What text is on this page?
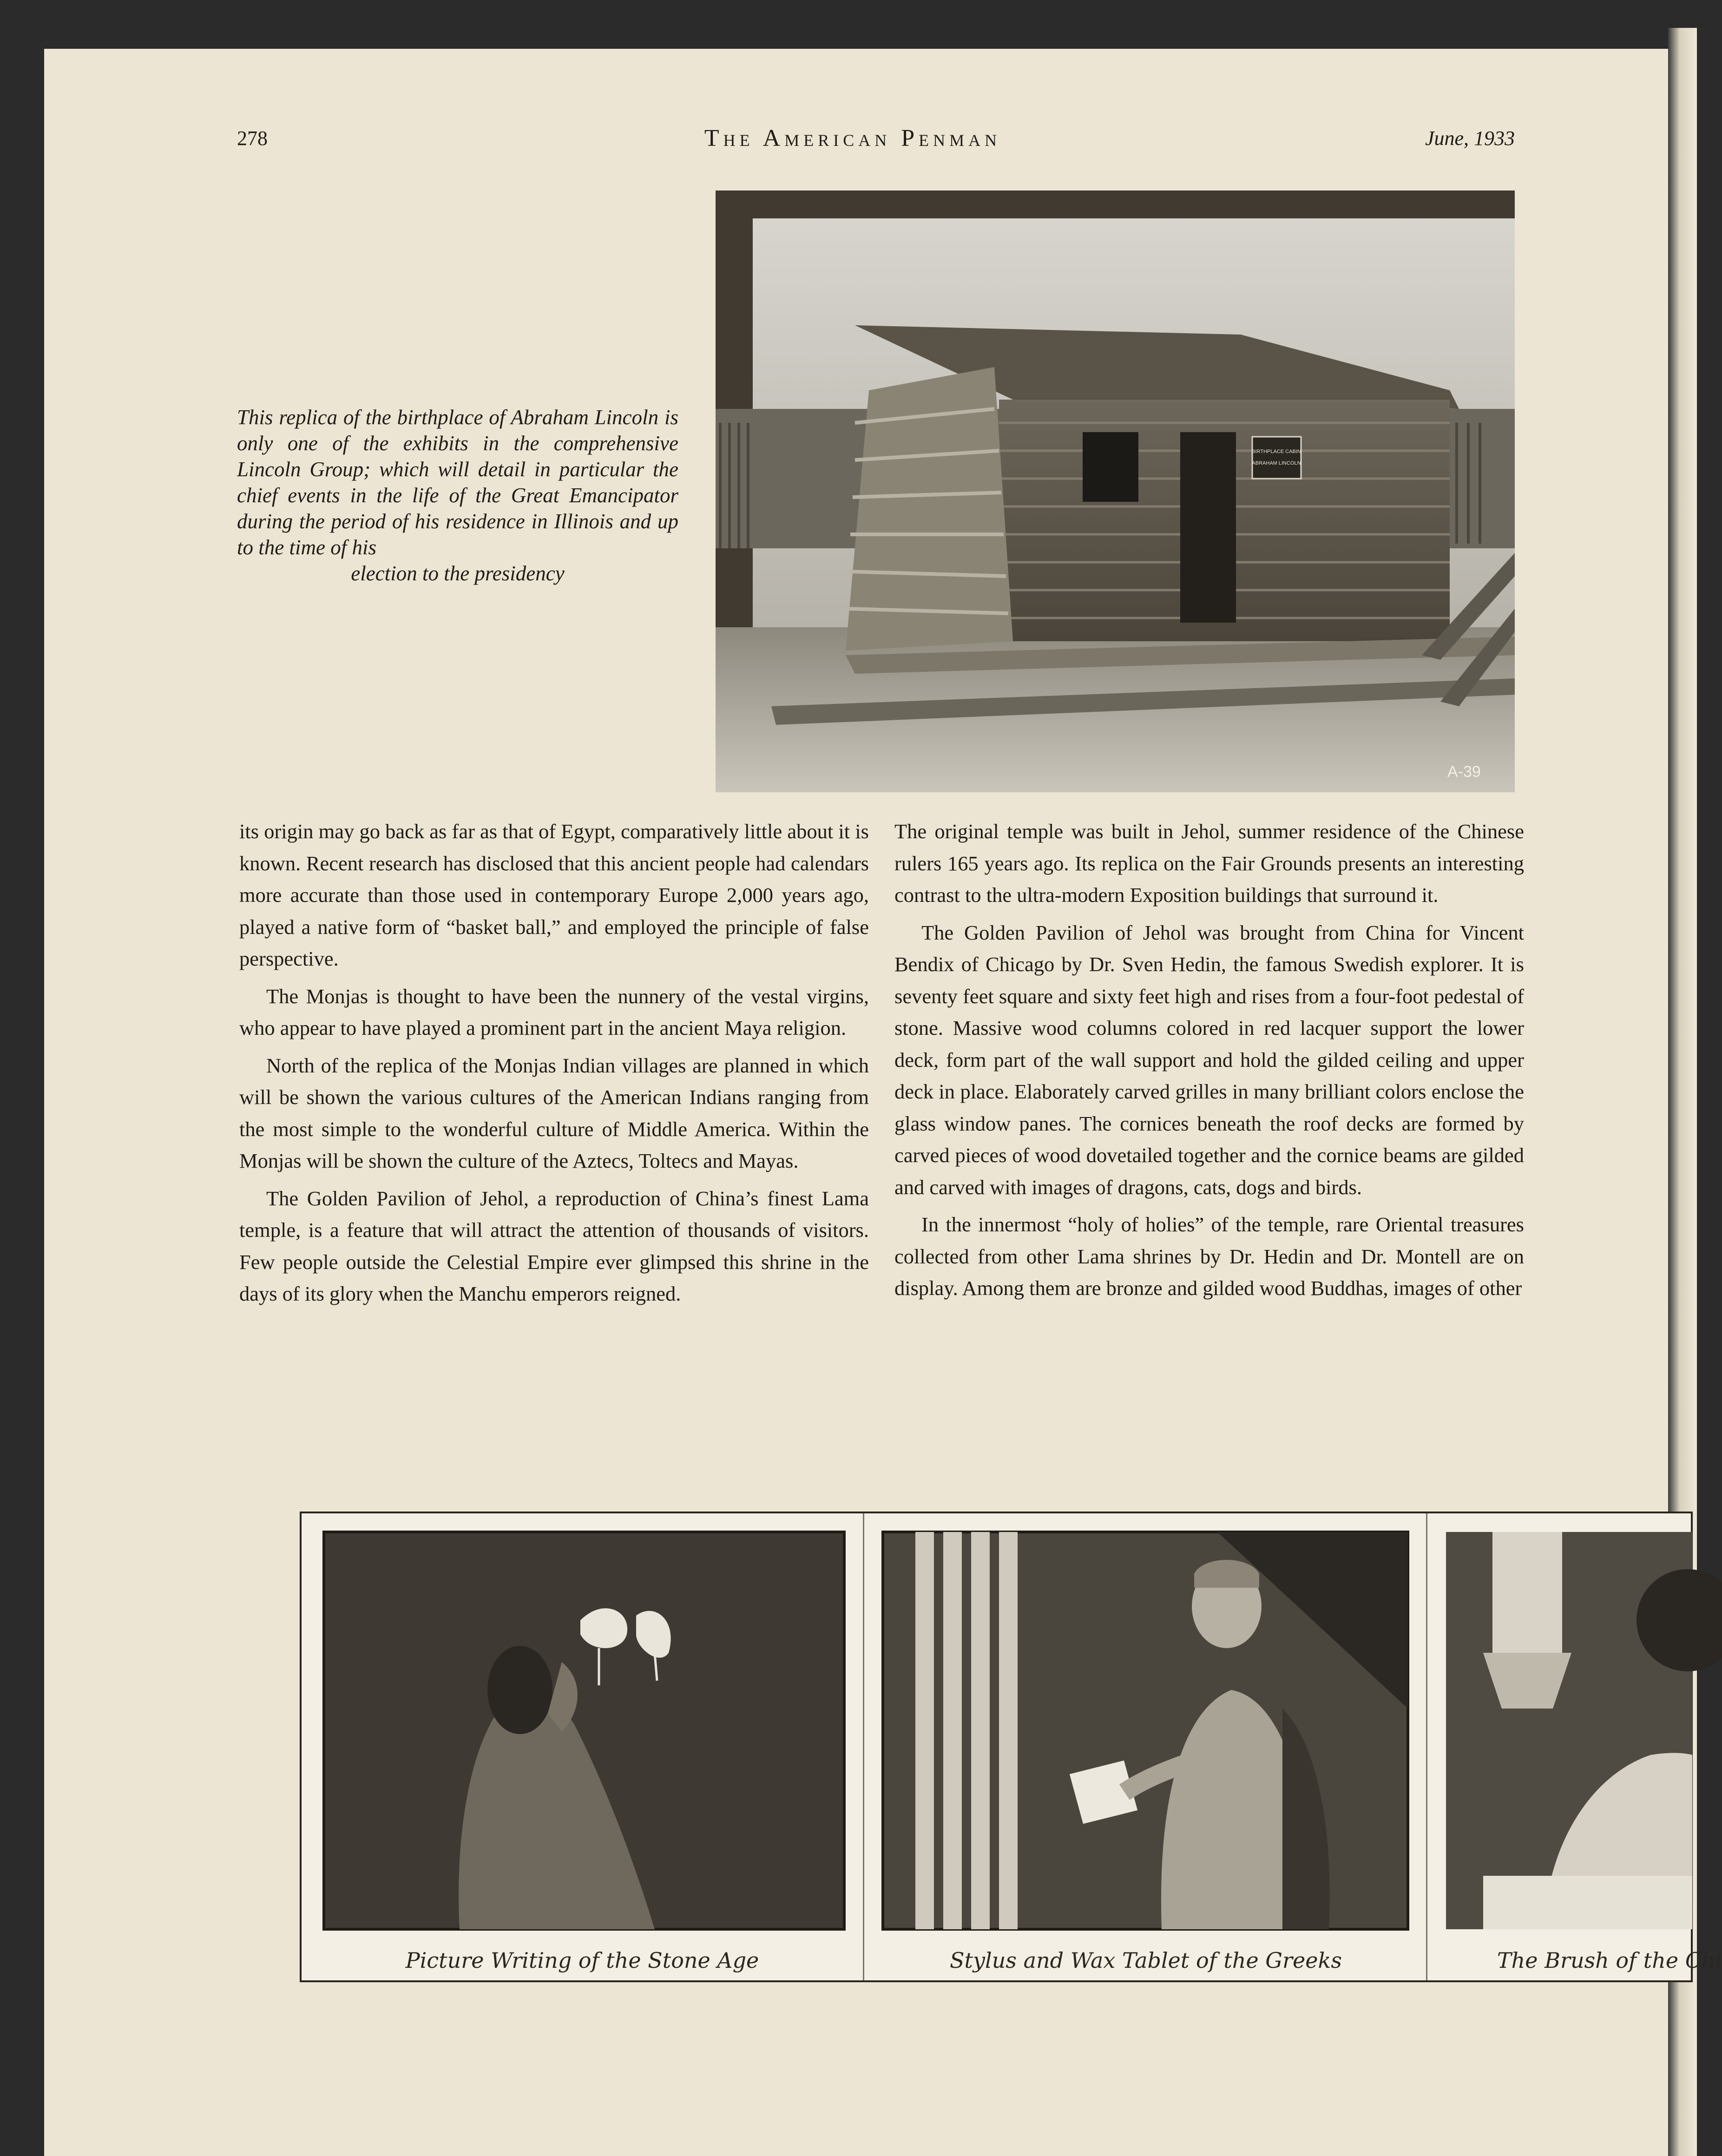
278	The American Penman	June, 1933
This replica of the birthplace of Abraham Lincoln is only one of the exhibits in the comprehensive Lincoln Group; which will detail in particular the chief events in the life of the Great Emancipator during the period of his residence in Illinois and up to the time of his
election to the presidency
BIRTHPLACE CABIN
ABRAHAM LINCOLN
A-39

its origin may go back as far as that of Egypt, comparatively little about it is known. Recent research has disclosed that this ancient people had calendars more accurate than those used in contemporary Europe 2,000 years ago, played a native form of “basket ball,” and employed the principle of false perspective.

The Monjas is thought to have been the nunnery of the vestal virgins, who appear to have played a prominent part in the ancient Maya religion.

North of the replica of the Monjas Indian villages are planned in which will be shown the various cultures of the American Indians ranging from the most simple to the wonderful culture of Middle America. Within the Monjas will be shown the culture of the Aztecs, Toltecs and Mayas.

The Golden Pavilion of Jehol, a reproduction of China’s finest Lama temple, is a feature that will attract the attention of thousands of visitors. Few people outside the Celestial Empire ever glimpsed this shrine in the days of its glory when the Manchu emperors reigned.

The original temple was built in Jehol, summer residence of the Chinese rulers 165 years ago. Its replica on the Fair Grounds presents an interesting contrast to the ultra-modern Exposition buildings that surround it.

The Golden Pavilion of Jehol was brought from China for Vincent Bendix of Chicago by Dr. Sven Hedin, the famous Swedish explorer. It is seventy feet square and sixty feet high and rises from a four-foot pedestal of stone. Massive wood columns colored in red lacquer support the lower deck, form part of the wall support and hold the gilded ceiling and upper deck in place. Elaborately carved grilles in many brilliant colors enclose the glass window panes. The cornices beneath the roof decks are formed by carved pieces of wood dovetailed together and the cornice beams are gilded and carved with images of dragons, cats, dogs and birds.

In the innermost “holy of holies” of the temple, rare Oriental treasures collected from other Lama shrines by Dr. Hedin and Dr. Montell are on display. Among them are bronze and gilded wood Buddhas, images of other

Picture Writing of the Stone Age	Stylus and Wax Tablet of the Greeks	The Brush of the Chi
